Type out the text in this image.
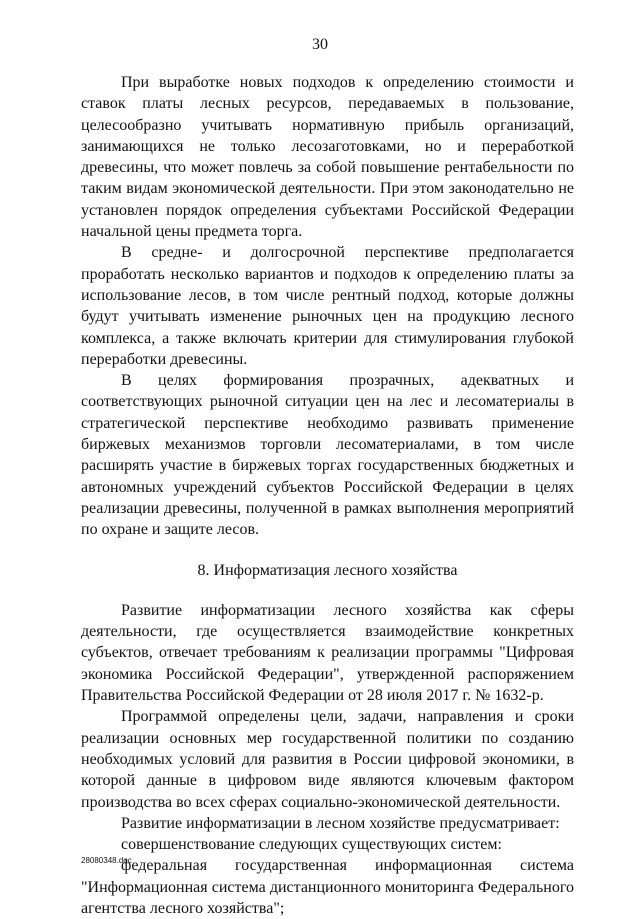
30

При выработке новых подходов к определению стоимости и ставок платы лесных ресурсов, передаваемых в пользование, целесообразно учитывать нормативную прибыль организаций, занимающихся не только лесозаготовками, но и переработкой древесины, что может повлечь за собой повышение рентабельности по таким видам экономической деятельности. При этом законодательно не установлен порядок определения субъектами Российской Федерации начальной цены предмета торга.

В средне- и долгосрочной перспективе предполагается проработать несколько вариантов и подходов к определению платы за использование лесов, в том числе рентный подход, которые должны будут учитывать изменение рыночных цен на продукцию лесного комплекса, а также включать критерии для стимулирования глубокой переработки древесины.

В целях формирования прозрачных, адекватных и соответствующих рыночной ситуации цен на лес и лесоматериалы в стратегической перспективе необходимо развивать применение биржевых механизмов торговли лесоматериалами, в том числе расширять участие в биржевых торгах государственных бюджетных и автономных учреждений субъектов Российской Федерации в целях реализации древесины, полученной в рамках выполнения мероприятий по охране и защите лесов.

8. Информатизация лесного хозяйства

Развитие информатизации лесного хозяйства как сферы деятельности, где осуществляется взаимодействие конкретных субъектов, отвечает требованиям к реализации программы "Цифровая экономика Российской Федерации", утвержденной распоряжением Правительства Российской Федерации от 28 июля 2017 г. № 1632-р.

Программой определены цели, задачи, направления и сроки реализации основных мер государственной политики по созданию необходимых условий для развития в России цифровой экономики, в которой данные в цифровом виде являются ключевым фактором производства во всех сферах социально-экономической деятельности.

Развитие информатизации в лесном хозяйстве предусматривает:

совершенствование следующих существующих систем:

федеральная государственная информационная система "Информационная система дистанционного мониторинга Федерального агентства лесного хозяйства";

28080348.doc
